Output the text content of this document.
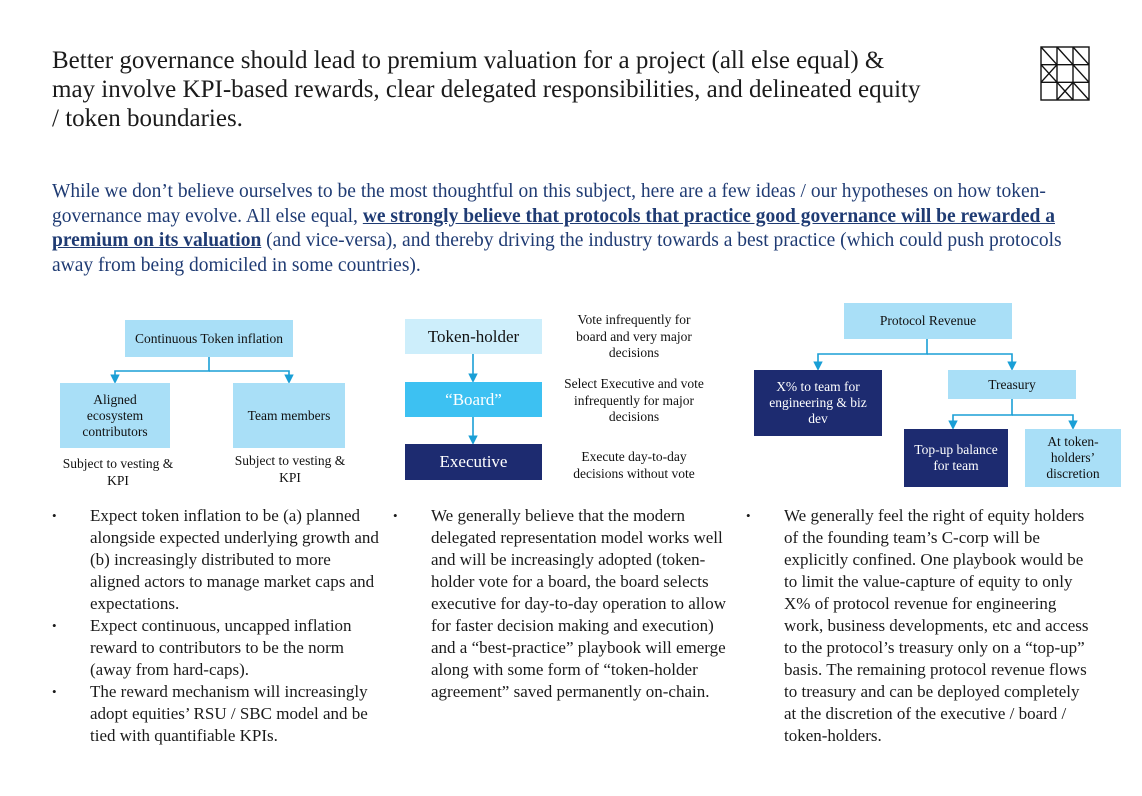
Better governance should lead to premium valuation for a project (all else equal) & may involve KPI-based rewards, clear delegated responsibilities, and delineated equity / token boundaries.
While we don’t believe ourselves to be the most thoughtful on this subject, here are a few ideas / our hypotheses on how token-governance may evolve. All else equal, we strongly believe that protocols that practice good governance will be rewarded a premium on its valuation (and vice-versa), and thereby driving the industry towards a best practice (which could push protocols away from being domiciled in some countries).
Continuous Token inflation
Aligned ecosystem contributors
Team members
Subject to vesting & KPI
Subject to vesting & KPI
Token-holder
“Board”
Executive
Vote infrequently for board and very major decisions
Select Executive and vote infrequently for major decisions
Execute day-to-day decisions without vote
Protocol Revenue
X% to team for engineering & biz dev
Treasury
Top-up balance for team
At token-holders’ discretion
• Expect token inflation to be (a) planned alongside expected underlying growth and (b) increasingly distributed to more aligned actors to manage market caps and expectations.
• Expect continuous, uncapped inflation reward to contributors to be the norm (away from hard-caps).
• The reward mechanism will increasingly adopt equities’ RSU / SBC model and be tied with quantifiable KPIs.
• We generally believe that the modern delegated representation model works well and will be increasingly adopted (token-holder vote for a board, the board selects executive for day-to-day operation to allow for faster decision making and execution) and a “best-practice” playbook will emerge along with some form of “token-holder agreement” saved permanently on-chain.
• We generally feel the right of equity holders of the founding team’s C-corp will be explicitly confined. One playbook would be to limit the value-capture of equity to only X% of protocol revenue for engineering work, business developments, etc and access to the protocol’s treasury only on a “top-up” basis. The remaining protocol revenue flows to treasury and can be deployed completely at the discretion of the executive / board / token-holders.
